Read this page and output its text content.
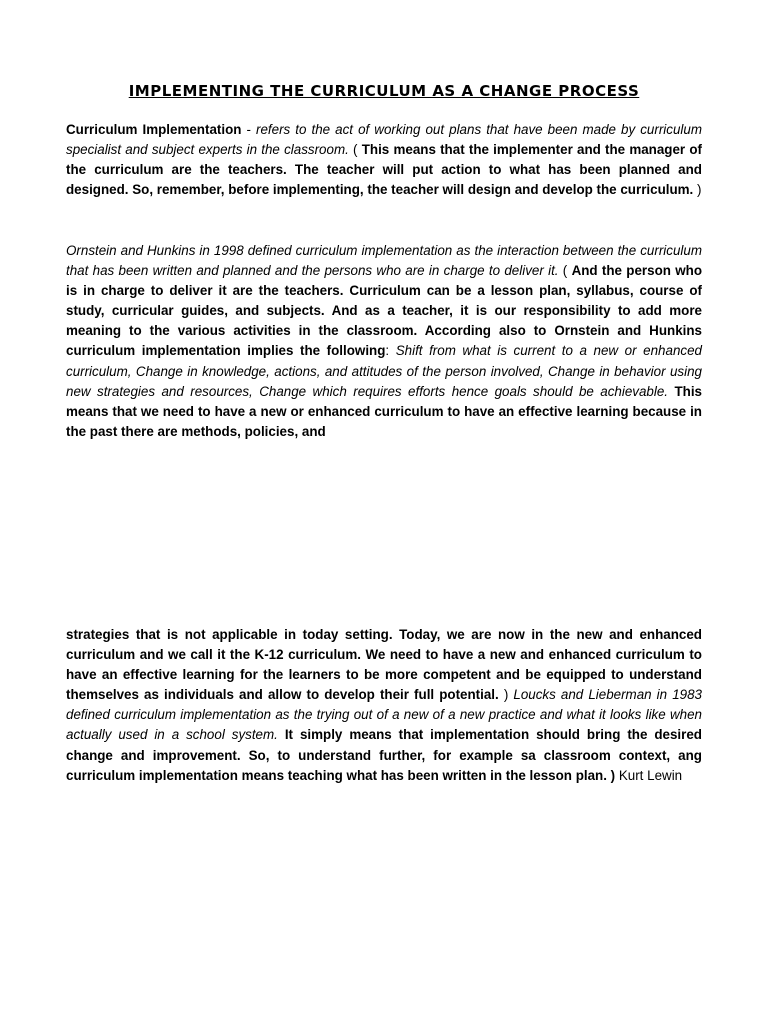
IMPLEMENTING THE CURRICULUM AS A CHANGE PROCESS

Curriculum Implementation - refers to the act of working out plans that have been made by curriculum specialist and subject experts in the classroom. ( This means that the implementer and the manager of the curriculum are the teachers. The teacher will put action to what has been planned and designed. So, remember, before implementing, the teacher will design and develop the curriculum. )

Ornstein and Hunkins in 1998 defined curriculum implementation as the interaction between the curriculum that has been written and planned and the persons who are in charge to deliver it. ( And the person who is in charge to deliver it are the teachers. Curriculum can be a lesson plan, syllabus, course of study, curricular guides, and subjects. And as a teacher, it is our responsibility to add more meaning to the various activities in the classroom. According also to Ornstein and Hunkins curriculum implementation implies the following: Shift from what is current to a new or enhanced curriculum, Change in knowledge, actions, and attitudes of the person involved, Change in behavior using new strategies and resources, Change which requires efforts hence goals should be achievable. This means that we need to have a new or enhanced curriculum to have an effective learning because in the past there are methods, policies, and

strategies that is not applicable in today setting. Today, we are now in the new and enhanced curriculum and we call it the K-12 curriculum. We need to have a new and enhanced curriculum to have an effective learning for the learners to be more competent and be equipped to understand themselves as individuals and allow to develop their full potential. ) Loucks and Lieberman in 1983 defined curriculum implementation as the trying out of a new of a new practice and what it looks like when actually used in a school system. It simply means that implementation should bring the desired change and improvement. So, to understand further, for example sa classroom context, ang curriculum implementation means teaching what has been written in the lesson plan. ) Kurt Lewin
